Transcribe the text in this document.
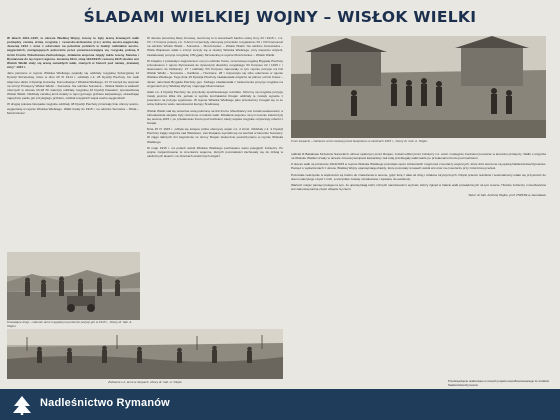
ŚLADAMI WIELKIEJ WOJNY – WISŁOK WIELKI

W latach 1914–1915, w okresie Wielkiej Wojny, tereny te były areną krwawych walk pomiędzy carską armią rosyjską i cesarsko-królewską (c.k.) armią austro-węgierską. Jesienią 1914 r. wraz z odwrotem na południe polskich w Galicji oddziałów austro-węgierskich, następujących pobocznie przez przemieszczającą się rosyjską połowę 8 Armii Frontu Południowo-Zachodniego, działania wojenne objęły także tereny Sanoka i Rymanowa do tej części regionu. Jesienią 1914, zimą 1914/1915 i wiosną 1915 okolice wsi Wisłok Wielki stały się areną zaciekłych walk, znanych w historii pod nazwą „krwawej zimy” 1915 r.

Jako pierwsze w rejonie Wisłoka Wielkiego pojawiły się oddziały rosyjskiej Syberyjskiej 12 Dywizji Strzeleckiej, które w dniu 20 XI 1914 r. oddziały c.k. 28 Dywizji Piechoty. Do walk włączono także 4 Dywizję Kozacką. Komunikacja z Wisłoka Wielkiego, 21 XI zaczęli się wspinać na szczyt Przełęczy Wisłok Wielki – Surowica. Na odcinku Surowica – Wisłok Wielki w walkach obecnych w okresie 23-28 XII walczyły oddziały rosyjskiej 10 Dywizji Kawalerii, sprowadzanej Wisłok Wielki. Oddziały carskiej armii dotarły w rejon górnego grzbietu karpackiego, obsadzając najwyższe partie gór przyległego grzbietu, oddział rosyjskich wojsk austro-węgierskich.

W drugiej połowie listopada rosyjskie oddziały 48 Dywizji Piechoty przerwały linie obrony austro-węgierskiej w rejonie Wisłoka Wielkiego. Walki trwały do 1915 r. na odcinku Surowica – Wisła – Moszczaniec.

Krwawiące drogi – odwrotu armii rosyjskiej na pobocze pozycji gór w 1915 r., zbiory dr. hab. A. Olejko.
Żołnierze c.k. armii w okopach, zbiory dr. hab. A. Olejko

W okresie pierwszej bitwy zimowej, stoczonej tu w warunkach bardzo ostrej zimy 23 I 1915 r., c.k. VII i X Korpus połowy c.k. 3 Armii rozpoczęły ofensywę przeciwko rosyjskiemu XII i VIII Korpusowi na odcinku Wisłok Wielki – Surowica – Moszczaniec – Wisłok Wielki. Na odcinku Czerwnicha – Wisła Wojskowe walki o szczyt toczyły się w okolicy Wisłoka Wielkiego, przy wsparciu artylerii, zaatakowały pozycje rosyjskiej 3 Brygady Strzeleckiej w rejonie Moszczaniec – Wisłok Wielki.

W związku z powstałym zagrożeniem na tym odcinku frontu, rezerwową rosyjską Brygadę Piechoty przeniesiono z rejonu Rymanowa do dyspozycji dowódcy rosyjskiego XII Korpusu 24 I 1915 r. i skierowano do Dołżanicy. 27 I oddziały VIII Korpusu zajmowały w tym rejonie pozycje na linii Wisłok Wielki – Surowica – Karlików – Huczwice. 28 I rozpoczęło się silne uderzenie w rejonie Wisłoka Wielkiego. Tego dnia 19 Dywizja Piechoty zaatakowała wzgórza na północ od linii Cisów – Jasiel, natomiast Brygada Piechoty gen. Kelkego zaatakowała z zaskoczenia pozycje rosyjskie na wzgórzach przy Wielkiej Wyżnej i zajmując Moszczaniec.

Ataki c.k. 4 Dywizji Piechoty nie przyniosły spodziewanego rezultatu. Szturmy na rosyjskie pozycje trwały jeszcze kilka dni, jednak w wyniku kontrataków Rosjan oddziały te zostały wyparte z powrotem na pozycje wyjściowe. W rejonie Wisłoka Wielkiego jako przeciwnicy zmagali się tu ze sobą żołnierze wielu narodowości Europy Środkowej.

Wisłok Wielki stał się wówczas wsią położoną na linii frontu. Mieszkańcy wsi zostali ewakuowani, a zabudowania wiejskie były niszczone w trakcie walk. Działania wojenne na tym terenie zakończyły się wiosną 1915 r. po przełamaniu frontu pod Gorlicami, kiedy wojska rosyjskie rozpoczęły odwrót z Karpat.

Dnia 15 IV 1915 r. odbyła się kolejna próba ofensywy wojsk c.k. 2 Armii. Oddziały c.k. 4 Dywizji Piechoty zajęły wzgórza nad Wisłokiem, zaś Rosjanie wycofali się na wschód w kierunku Surowicy. W ciągu dalszych dni zagrożenie ze strony Rosjan skutecznie powstrzymano w rejonie Wisłoka Wielkiego.

W maju 1915 r. na polach wokół Wisłoka Wielkiego pochowano wielu poległych żołnierzy. Po wojnie zorganizowano tu cmentarze wojenne, których pozostałości zachowały się do dzisiaj w okolicznych lasach i na zboczach okolicznych wzgórz.

Front karpacki – żołnierze armii carskiej przed budynkiem w okolicach 1915 r., zbiory dr. hab. A. Olejko.

oddział III Bakałowa Strzelców Sanockich, wbrew upalonym przez Rosjan, zostali odbici przez żołnierzy c.k. armii i następnie zwolnieni ponownie w kierunku przełęczy. Walki o wzgórza na Wisłoku Wielkim trwały w okresie zimowej kampanii karpackiej i tak tutaj przebiegały walki także po przełamaniu frontu pod Gorlicami.

Z okresu walk na przełomie 1914/1915 w rejonie Wisłoka Wielkiego pozostało sporo żołnierskich mogił oraz cmentarzy wojennych, które dziś otoczone są opieką Nadleśnictwa Rymanów. Pamięć o wydarzeniach z okresu Wielkiej Wojny upamiętniają obiekty, które pozostały w lasach wokół wsi oraz na cmentarzu przy zniszczonej cerkwi.

Pozostałe nekropolie w większości są trudno do znalezienia w terenie, gdyż leżą z dala od dróg i szlaków turystycznych. Dzięki pracom leśników i wolontariuszy udało się przywrócić do stanu należytego część z nich, a wszystkie zostały oznakowane i wpisane do ewidencji.

Wartość miejsc pamięci polega na tym, że upamiętniają ludzi, różnych narodowości i wyznań, którzy zginęli w trakcie walk prowadzonych na tym terenie. Historie żołnierzy i mieszkańców wsi stanowią ważną część dziejów tej ziemi.

Tekst: dr hab. Andrzej Olejko, prof. PWSTE w Jarosławiu

Przedsięwzięcie realizowane w ramach projektu współfinansowanego ze środków Nadleśnictwa Rymanów
Nadleśnictwo Rymanów
